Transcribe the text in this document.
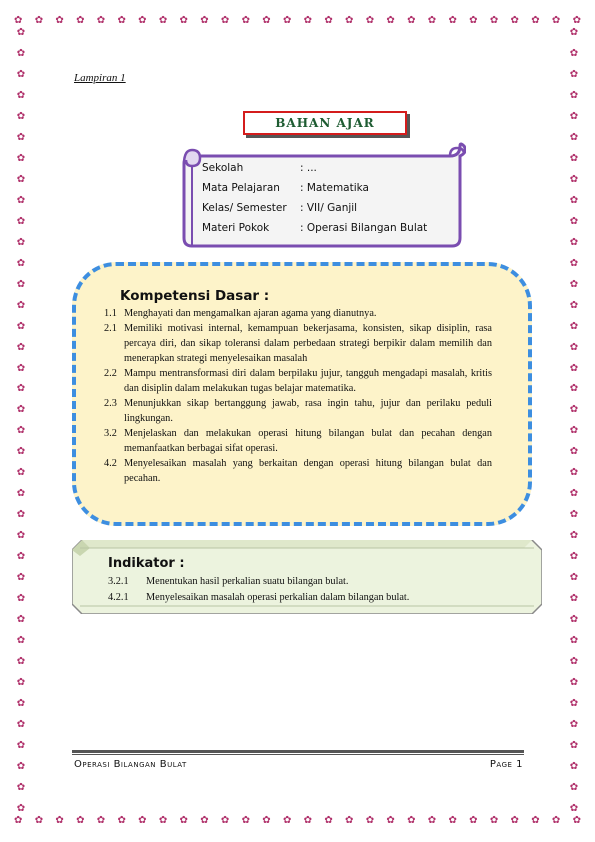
✿ ✿ ✿ ✿ ✿ ✿ ✿ ✿ ✿ ✿ ✿ ✿ ✿ ✿ ✿ ✿ ✿ ✿ ✿ ✿ ✿ ✿ ✿ ✿ ✿ ✿ ✿ ✿
✿ ✿ ✿ ✿ ✿ ✿ ✿ ✿ ✿ ✿ ✿ ✿ ✿ ✿ ✿ ✿ ✿ ✿ ✿ ✿ ✿ ✿ ✿ ✿ ✿ ✿ ✿ ✿
✿
✿
✿
✿
✿
✿
✿
✿
✿
✿
✿
✿
✿
✿
✿
✿
✿
✿
✿
✿
✿
✿
✿
✿
✿
✿
✿
✿
✿
✿
✿
✿
✿
✿
✿
✿
✿
✿
✿
✿
✿
✿
✿
✿
✿
✿
✿
✿
✿
✿
✿
✿
✿
✿
✿
✿
✿
✿
✿
✿
✿
✿
✿
✿
✿
✿
✿
✿
✿
✿
✿
✿
✿
✿
✿
✿
Lampiran 1
BAHAN AJAR
Sekolah	: ...
Mata Pelajaran	: Matematika
Kelas/ Semester	: VII/ Ganjil
Materi Pokok	: Operasi Bilangan Bulat
Kompetensi Dasar :
1.1 Menghayati dan mengamalkan ajaran agama yang dianutnya.
2.1 Memiliki motivasi internal, kemampuan bekerjasama, konsisten, sikap disiplin, rasa percaya diri, dan sikap toleransi dalam perbedaan strategi berpikir dalam memilih dan menerapkan strategi menyelesaikan masalah
2.2 Mampu mentransformasi diri dalam berpilaku jujur, tangguh mengadapi masalah, kritis dan disiplin dalam melakukan tugas belajar matematika.
2.3 Menunjukkan sikap bertanggung jawab, rasa ingin tahu, jujur dan perilaku peduli lingkungan.
3.2 Menjelaskan dan melakukan operasi hitung bilangan bulat dan pecahan dengan memanfaatkan berbagai sifat operasi.
4.2 Menyelesaikan masalah yang berkaitan dengan operasi hitung bilangan bulat dan pecahan.
Indikator :
3.2.1	Menentukan hasil perkalian suatu bilangan bulat.
4.2.1	Menyelesaikan masalah operasi perkalian dalam bilangan bulat.
Operasi Bilangan Bulat	Page 1
